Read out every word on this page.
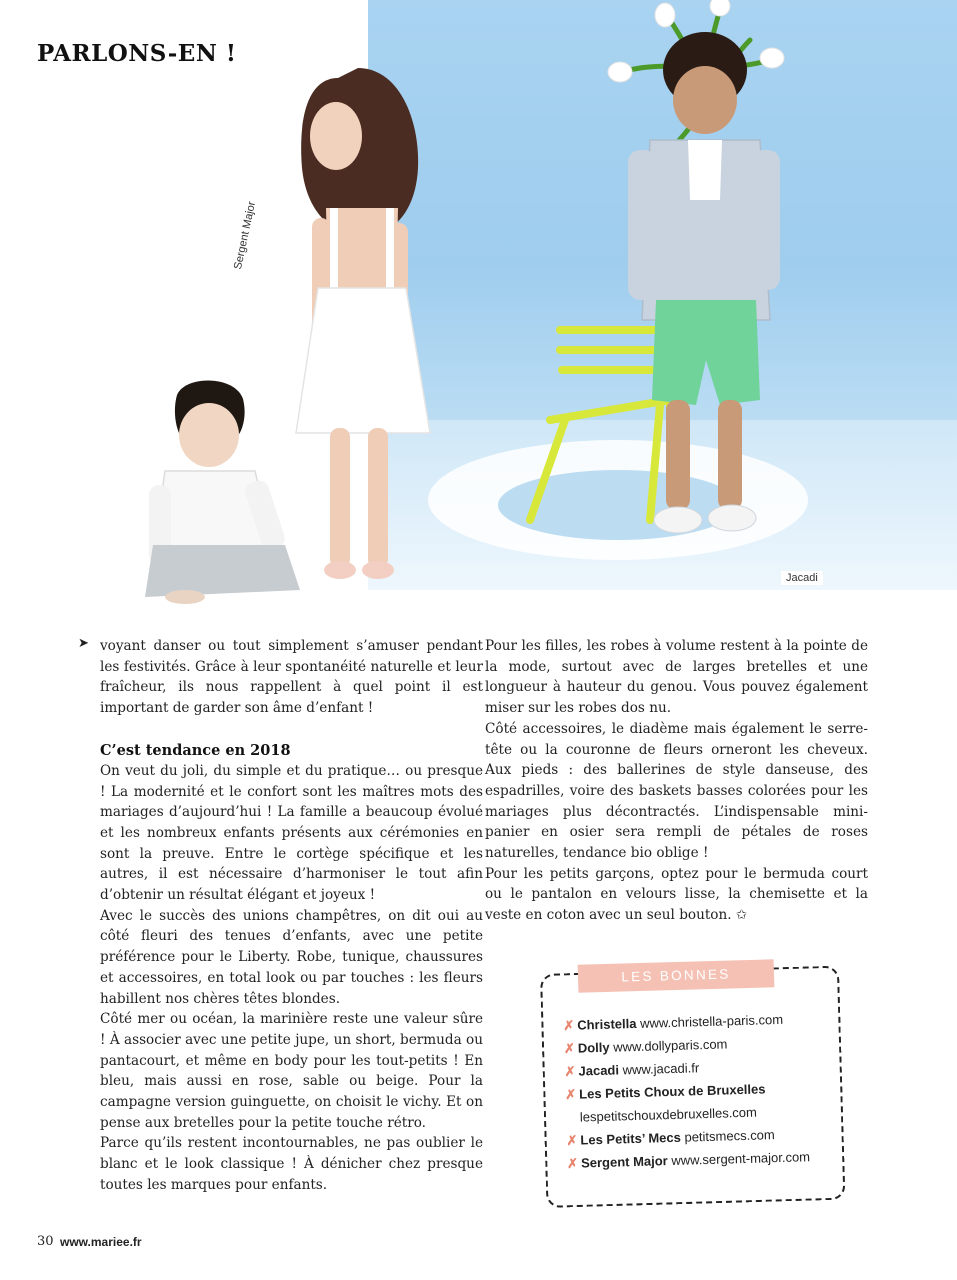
PARLONS-EN !
Sergent Major
Jacadi
➤ voyant danser ou tout simplement s’amuser pendant les festivités. Grâce à leur spontanéité naturelle et leur fraîcheur, ils nous rappellent à quel point il est important de garder son âme d’enfant !

C’est tendance en 2018

On veut du joli, du simple et du pratique… ou presque ! La modernité et le confort sont les maîtres mots des mariages d’aujourd’hui ! La famille a beaucoup évolué et les nombreux enfants présents aux cérémonies en sont la preuve. Entre le cortège spécifique et les autres, il est nécessaire d’harmoniser le tout afin d’obtenir un résultat élégant et joyeux !

Avec le succès des unions champêtres, on dit oui au côté fleuri des tenues d’enfants, avec une petite préférence pour le Liberty. Robe, tunique, chaussures et accessoires, en total look ou par touches : les fleurs habillent nos chères têtes blondes.

Côté mer ou océan, la marinière reste une valeur sûre ! À associer avec une petite jupe, un short, bermuda ou pantacourt, et même en body pour les tout-petits ! En bleu, mais aussi en rose, sable ou beige. Pour la campagne version guinguette, on choisit le vichy. Et on pense aux bretelles pour la petite touche rétro.

Parce qu’ils restent incontournables, ne pas oublier le blanc et le look classique ! À dénicher chez presque toutes les marques pour enfants.

Pour les filles, les robes à volume restent à la pointe de la mode, surtout avec de larges bretelles et une longueur à hauteur du genou. Vous pouvez également miser sur les robes dos nu.

Côté accessoires, le diadème mais également le serre-tête ou la couronne de fleurs orneront les cheveux. Aux pieds : des ballerines de style danseuse, des espadrilles, voire des baskets basses colorées pour les mariages plus décontractés. L’indispensable mini-panier en osier sera rempli de pétales de roses naturelles, tendance bio oblige !

Pour les petits garçons, optez pour le bermuda court ou le pantalon en velours lisse, la chemisette et la veste en coton avec un seul bouton. ✩

LES BONNES ADRESSES
✗ Christella www.christella-paris.com
✗ Dolly www.dollyparis.com
✗ Jacadi www.jacadi.fr
✗ Les Petits Choux de Bruxelles
lespetitschouxdebruxelles.com
✗ Les Petits’ Mecs petitsmecs.com
✗ Sergent Major www.sergent-major.com
30 www.mariee.fr
